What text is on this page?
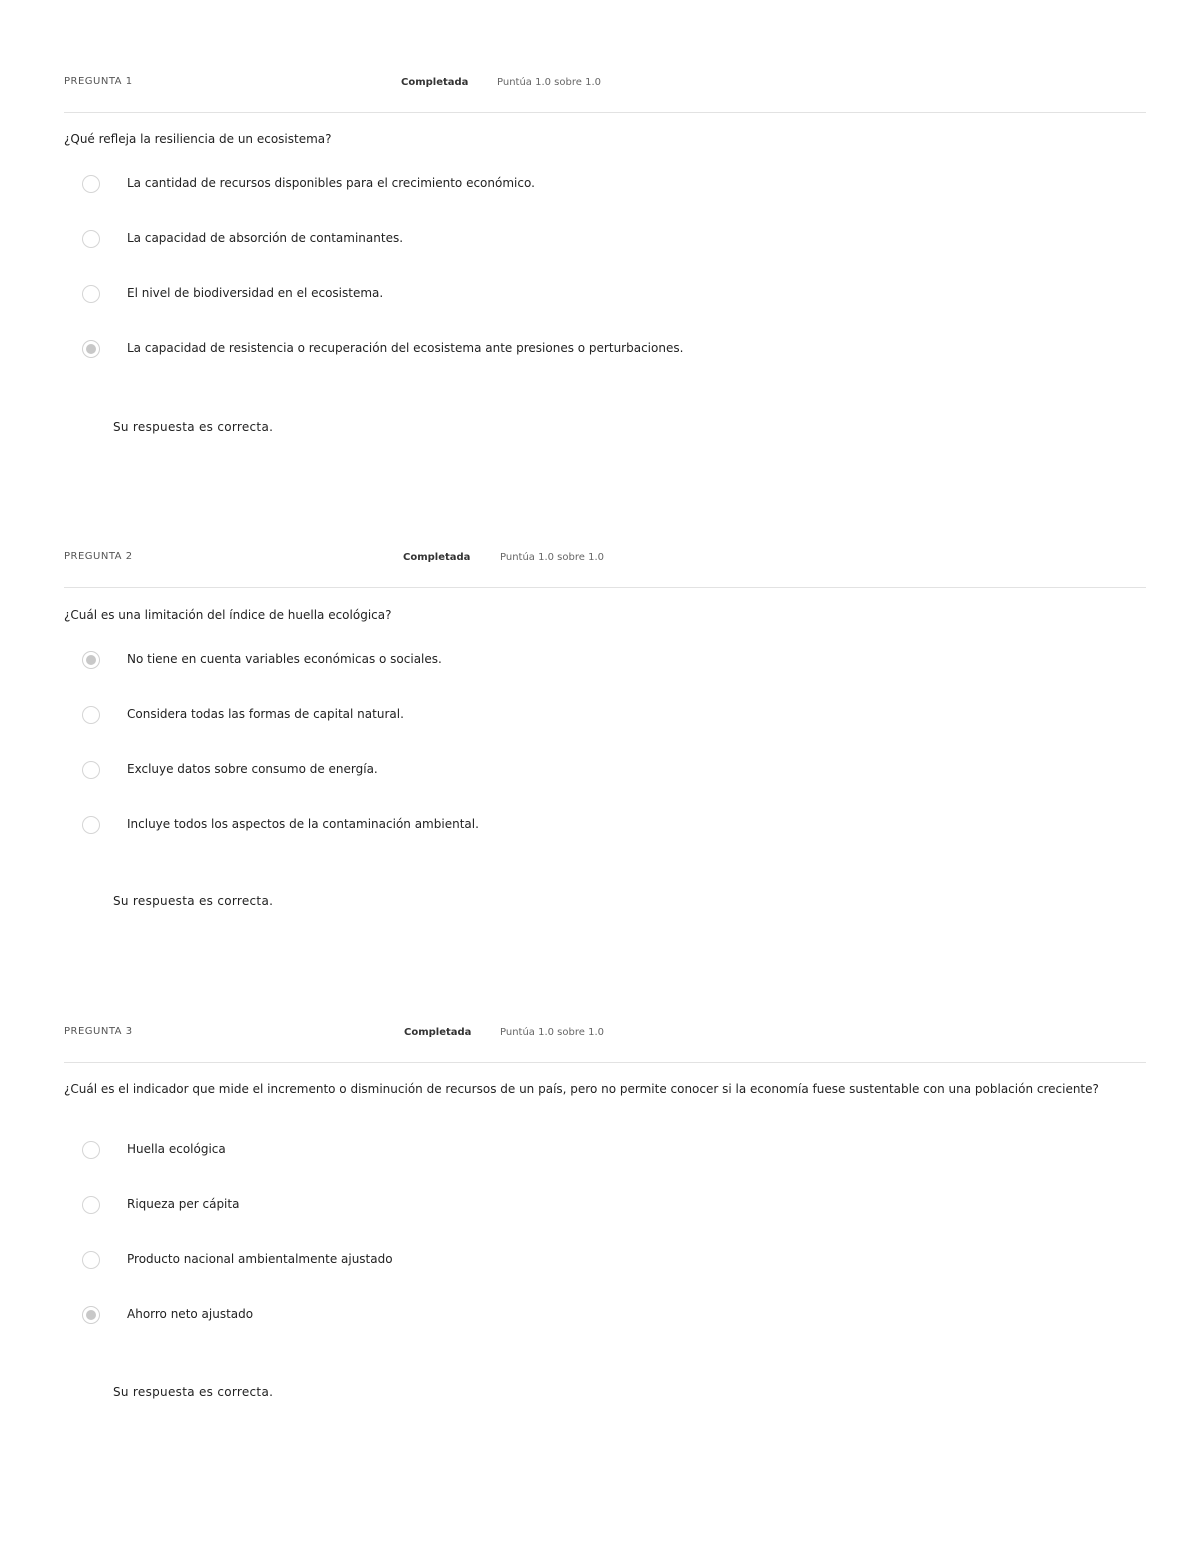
PREGUNTA 1	Completada	Puntúa 1.0 sobre 1.0
¿Qué refleja la resiliencia de un ecosistema?
La cantidad de recursos disponibles para el crecimiento económico.
La capacidad de absorción de contaminantes.
El nivel de biodiversidad en el ecosistema.
La capacidad de resistencia o recuperación del ecosistema ante presiones o perturbaciones.
Su respuesta es correcta.
PREGUNTA 2	Completada	Puntúa 1.0 sobre 1.0
¿Cuál es una limitación del índice de huella ecológica?
No tiene en cuenta variables económicas o sociales.
Considera todas las formas de capital natural.
Excluye datos sobre consumo de energía.
Incluye todos los aspectos de la contaminación ambiental.
Su respuesta es correcta.
PREGUNTA 3	Completada	Puntúa 1.0 sobre 1.0
¿Cuál es el indicador que mide el incremento o disminución de recursos de un país, pero no permite conocer si la economía fuese sustentable con una población creciente?
Huella ecológica
Riqueza per cápita
Producto nacional ambientalmente ajustado
Ahorro neto ajustado
Su respuesta es correcta.
